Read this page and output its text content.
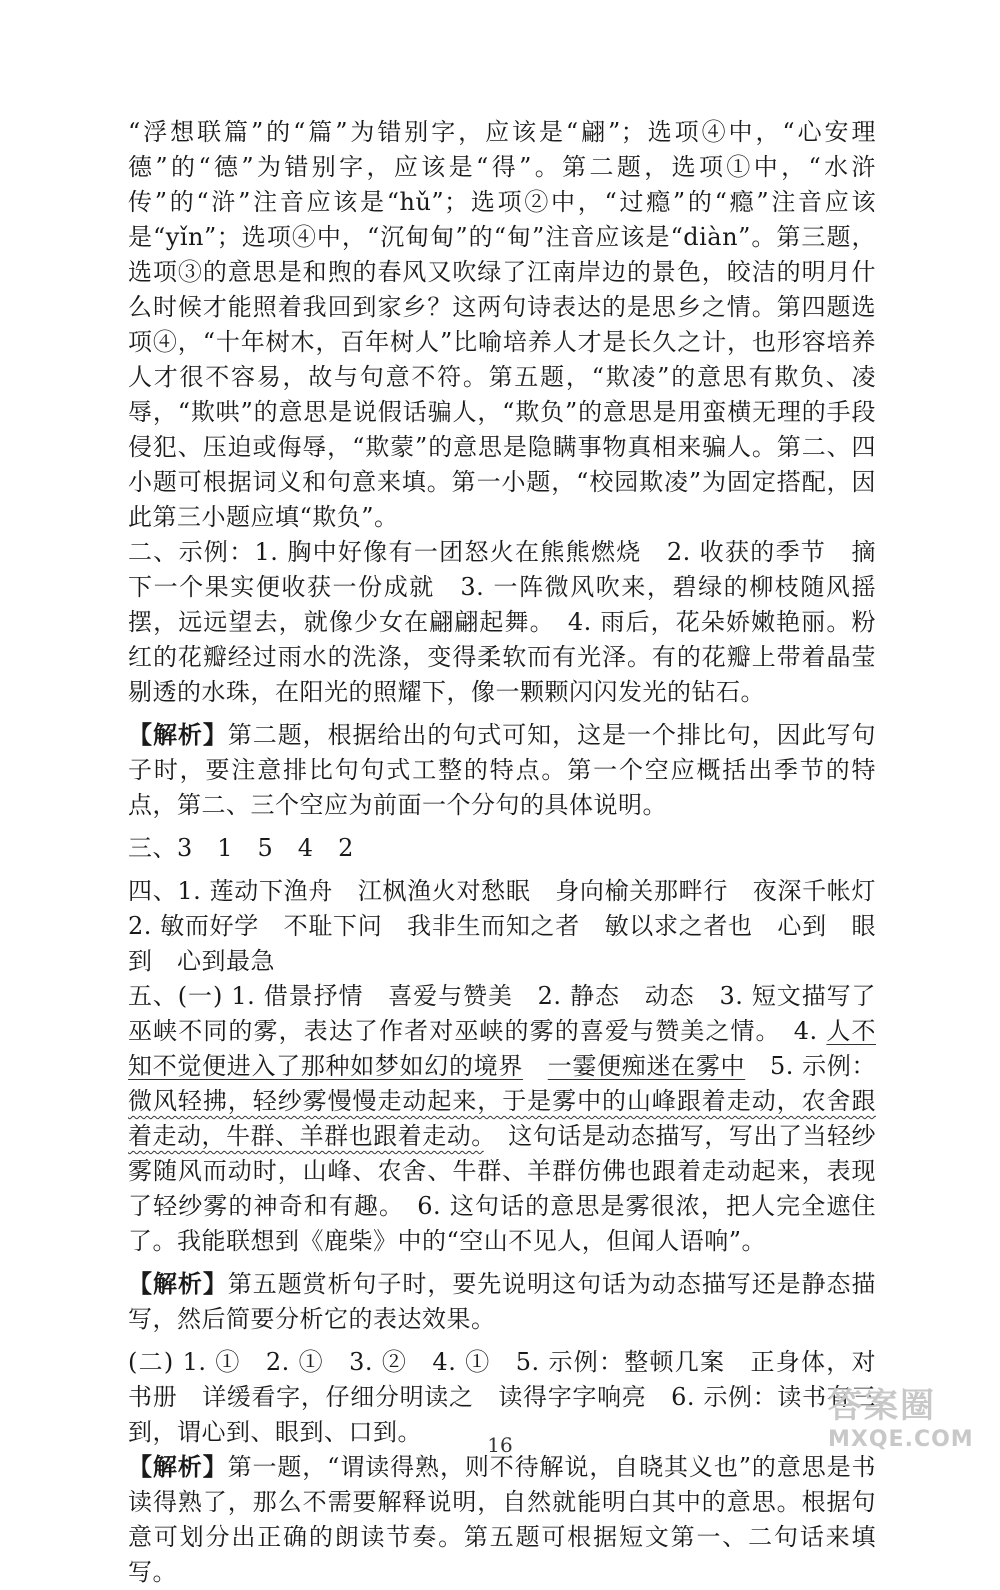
“浮想联篇”的“篇”为错别字，应该是“翩”；选项④中，“心安理德”的“德”为错别字，应该是“得”。第二题，选项①中，“水浒传”的“浒”注音应该是“hǔ”；选项②中，“过瘾”的“瘾”注音应该是“yǐn”；选项④中，“沉甸甸”的“甸”注音应该是“diàn”。第三题，选项③的意思是和煦的春风又吹绿了江南岸边的景色，皎洁的明月什么时候才能照着我回到家乡？这两句诗表达的是思乡之情。第四题选项④，“十年树木，百年树人”比喻培养人才是长久之计，也形容培养人才很不容易，故与句意不符。第五题，“欺凌”的意思有欺负、凌辱，“欺哄”的意思是说假话骗人，“欺负”的意思是用蛮横无理的手段侵犯、压迫或侮辱，“欺蒙”的意思是隐瞒事物真相来骗人。第二、四小题可根据词义和句意来填。第一小题，“校园欺凌”为固定搭配，因此第三小题应填“欺负”。

二、示例：1. 胸中好像有一团怒火在熊熊燃烧　2. 收获的季节　摘下一个果实便收获一份成就　3. 一阵微风吹来，碧绿的柳枝随风摇摆，远远望去，就像少女在翩翩起舞。　4. 雨后，花朵娇嫩艳丽。粉红的花瓣经过雨水的洗涤，变得柔软而有光泽。有的花瓣上带着晶莹剔透的水珠，在阳光的照耀下，像一颗颗闪闪发光的钻石。

【解析】第二题，根据给出的句式可知，这是一个排比句，因此写句子时，要注意排比句句式工整的特点。第一个空应概括出季节的特点，第二、三个空应为前面一个分句的具体说明。

三、3　1　5　4　2

四、1. 莲动下渔舟　江枫渔火对愁眠　身向榆关那畔行　夜深千帐灯　2. 敏而好学　不耻下问　我非生而知之者　敏以求之者也　心到　眼到　心到最急

五、(一) 1. 借景抒情　喜爱与赞美　2. 静态　动态　3. 短文描写了巫峡不同的雾，表达了作者对巫峡的雾的喜爱与赞美之情。　4. 人不知不觉便进入了那种如梦如幻的境界　 一霎便痴迷在雾中　5. 示例：微风轻拂，轻纱雾慢慢走动起来，于是雾中的山峰跟着走动，农舍跟着走动，牛群、羊群也跟着走动。　这句话是动态描写，写出了当轻纱雾随风而动时，山峰、农舍、牛群、羊群仿佛也跟着走动起来，表现了轻纱雾的神奇和有趣。　6. 这句话的意思是雾很浓，把人完全遮住了。我能联想到《鹿柴》中的“空山不见人，但闻人语响”。

【解析】第五题赏析句子时，要先说明这句话为动态描写还是静态描写，然后简要分析它的表达效果。

(二) 1. ①　2. ①　3. ②　4. ①　5. 示例：整顿几案　正身体，对书册　详缓看字，仔细分明读之　读得字字响亮　6. 示例：读书有三到，谓心到、眼到、口到。

【解析】第一题，“谓读得熟，则不待解说，自晓其义也”的意思是书读得熟了，那么不需要解释说明，自然就能明白其中的意思。根据句意可划分出正确的朗读节奏。第五题可根据短文第一、二句话来填写。

16
答案圈
MXQE.COM
